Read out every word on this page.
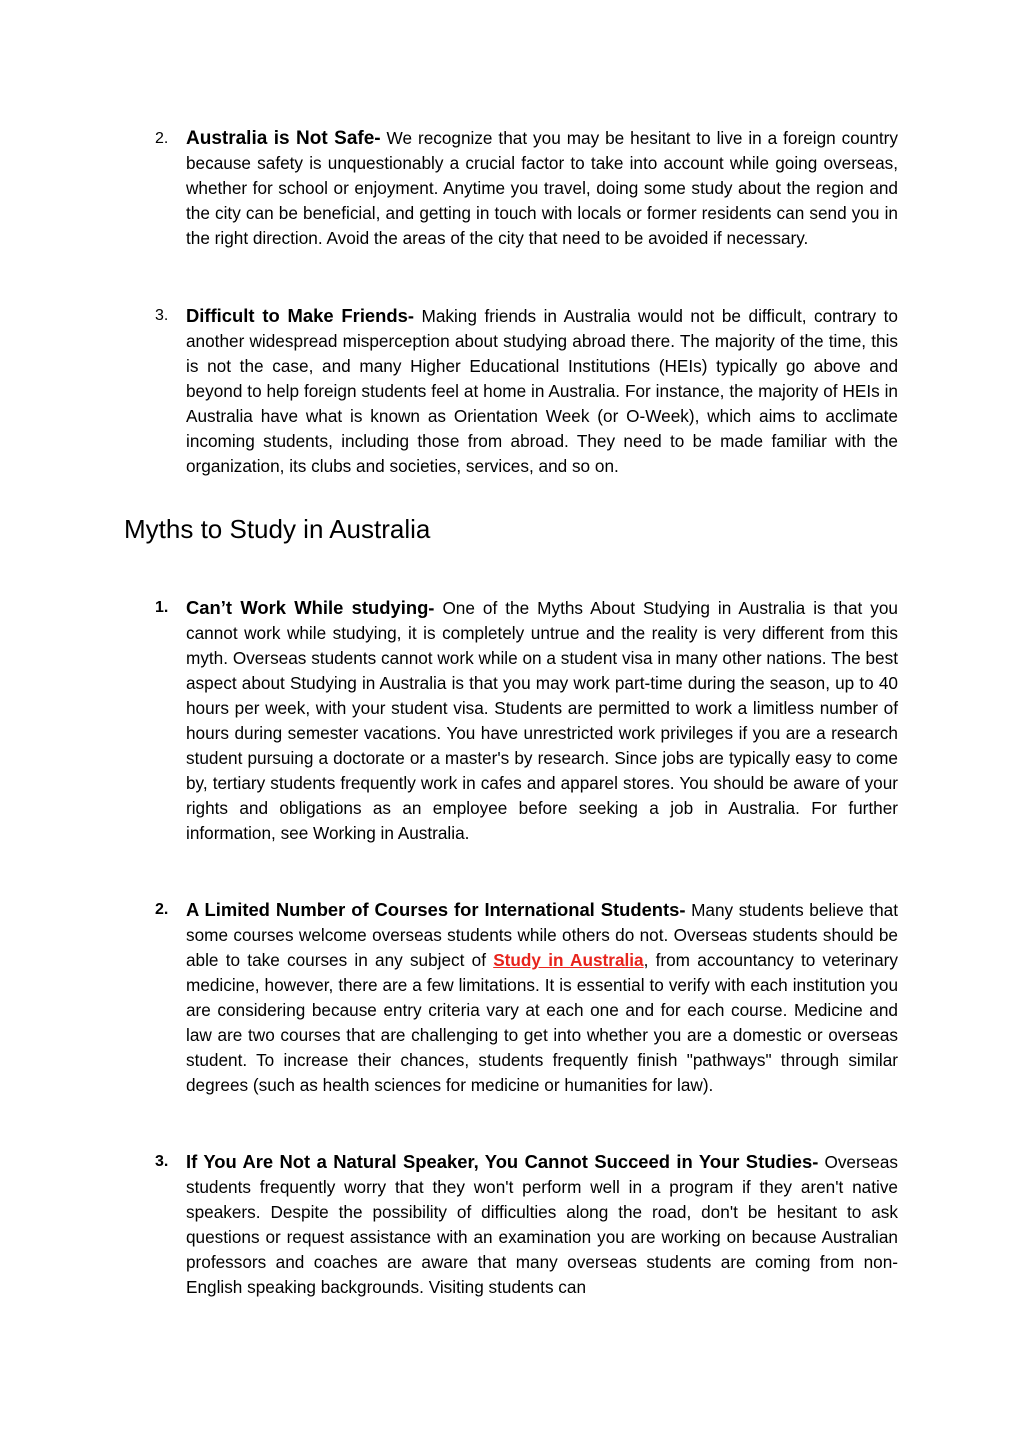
2. Australia is Not Safe- We recognize that you may be hesitant to live in a foreign country because safety is unquestionably a crucial factor to take into account while going overseas, whether for school or enjoyment. Anytime you travel, doing some study about the region and the city can be beneficial, and getting in touch with locals or former residents can send you in the right direction. Avoid the areas of the city that need to be avoided if necessary.
3. Difficult to Make Friends- Making friends in Australia would not be difficult, contrary to another widespread misperception about studying abroad there. The majority of the time, this is not the case, and many Higher Educational Institutions (HEIs) typically go above and beyond to help foreign students feel at home in Australia. For instance, the majority of HEIs in Australia have what is known as Orientation Week (or O-Week), which aims to acclimate incoming students, including those from abroad. They need to be made familiar with the organization, its clubs and societies, services, and so on.
Myths to Study in Australia
1. Can’t Work While studying- One of the Myths About Studying in Australia is that you cannot work while studying, it is completely untrue and the reality is very different from this myth. Overseas students cannot work while on a student visa in many other nations. The best aspect about Studying in Australia is that you may work part-time during the season, up to 40 hours per week, with your student visa. Students are permitted to work a limitless number of hours during semester vacations. You have unrestricted work privileges if you are a research student pursuing a doctorate or a master's by research. Since jobs are typically easy to come by, tertiary students frequently work in cafes and apparel stores. You should be aware of your rights and obligations as an employee before seeking a job in Australia. For further information, see Working in Australia.
2. A Limited Number of Courses for International Students- Many students believe that some courses welcome overseas students while others do not. Overseas students should be able to take courses in any subject of Study in Australia, from accountancy to veterinary medicine, however, there are a few limitations. It is essential to verify with each institution you are considering because entry criteria vary at each one and for each course. Medicine and law are two courses that are challenging to get into whether you are a domestic or overseas student. To increase their chances, students frequently finish "pathways" through similar degrees (such as health sciences for medicine or humanities for law).
3. If You Are Not a Natural Speaker, You Cannot Succeed in Your Studies- Overseas students frequently worry that they won't perform well in a program if they aren't native speakers. Despite the possibility of difficulties along the road, don't be hesitant to ask questions or request assistance with an examination you are working on because Australian professors and coaches are aware that many overseas students are coming from non-English speaking backgrounds. Visiting students can
